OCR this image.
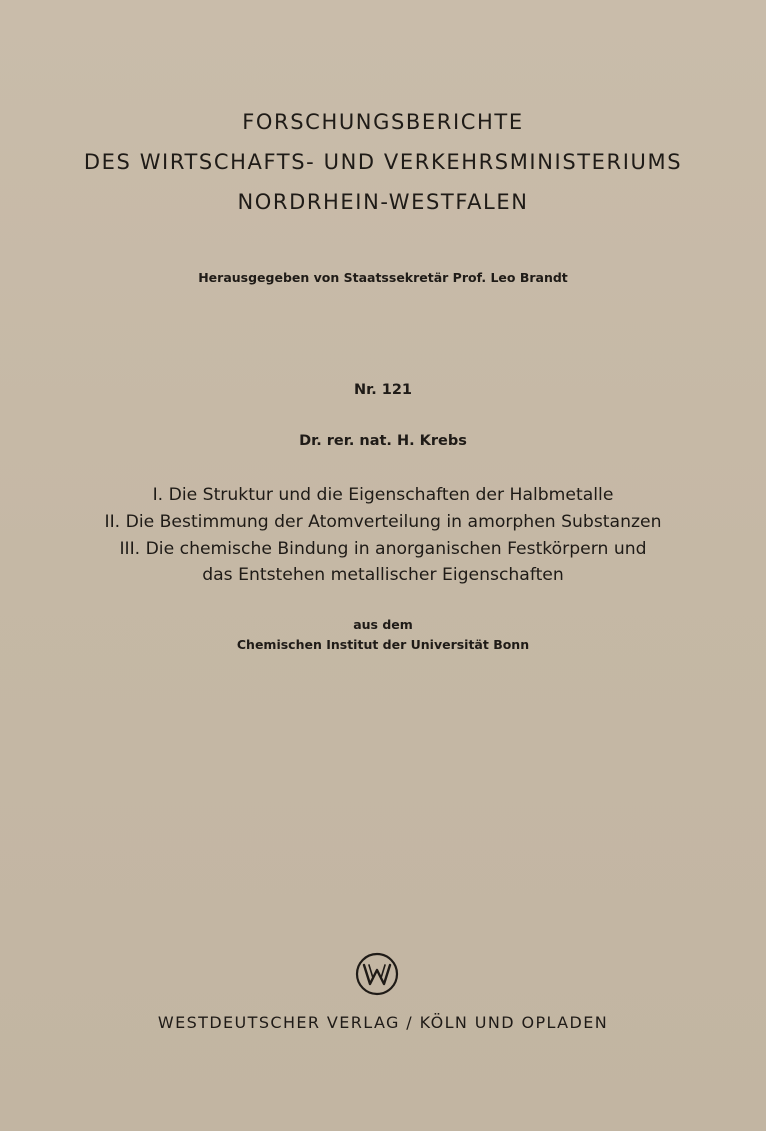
FORSCHUNGSBERICHTE
DES WIRTSCHAFTS- UND VERKEHRSMINISTERIUMS
NORDRHEIN-WESTFALEN
Herausgegeben von Staatssekretär Prof. Leo Brandt
Nr. 121
Dr. rer. nat. H. Krebs
I. Die Struktur und die Eigenschaften der Halbmetalle
II. Die Bestimmung der Atomverteilung in amorphen Substanzen
III. Die chemische Bindung in anorganischen Festkörpern und
das Entstehen metallischer Eigenschaften
aus dem
Chemischen Institut der Universität Bonn
WESTDEUTSCHER VERLAG / KÖLN UND OPLADEN
